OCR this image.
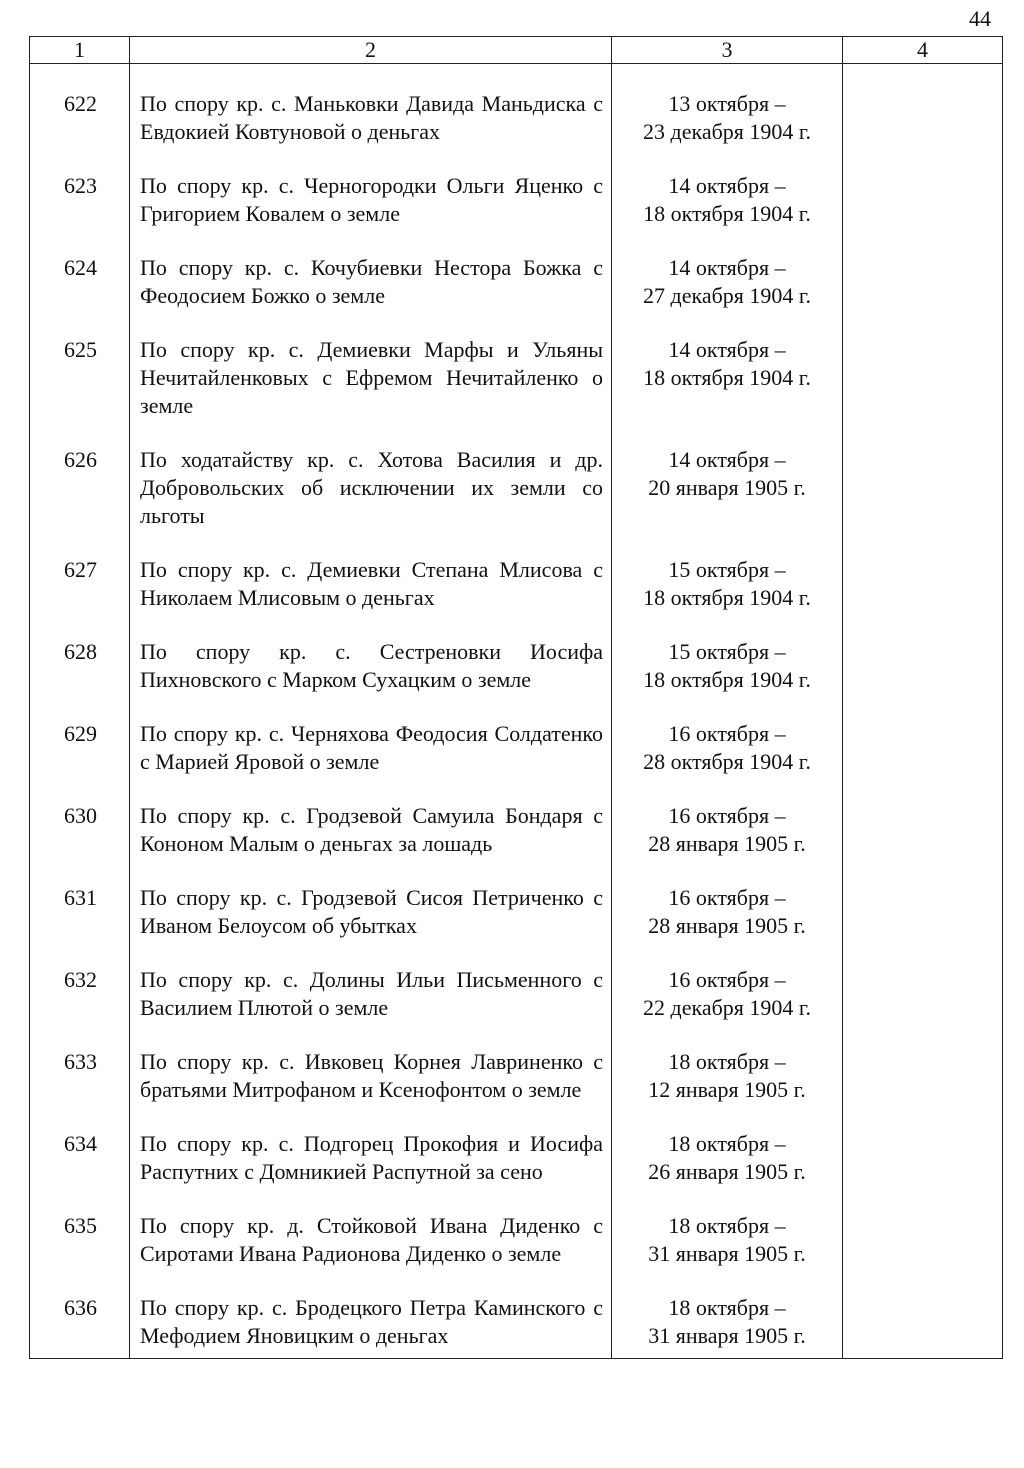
44
1	2	3	4
622	По спору кр. с. Маньковки Давида Маньдиска с Евдокией Ковтуновой о деньгах	13 октября –
23 декабря 1904 г.	

623	По спору кр. с. Черногородки Ольги Яценко с Григорием Ковалем о земле	14 октября –
18 октября 1904 г.	

624	По спору кр. с. Кочубиевки Нестора Божка с Феодосием Божко о земле	14 октября –
27 декабря 1904 г.	

625	По спору кр. с. Демиевки Марфы и Ульяны Нечитайленковых с Ефремом Нечитайленко о земле	14 октября –
18 октября 1904 г.	

626	По ходатайству кр. с. Хотова Василия и др. Добровольских об исключении их земли со льготы	14 октября –
20 января 1905 г.	

627	По спору кр. с. Демиевки Степана Млисова с Николаем Млисовым о деньгах	15 октября –
18 октября 1904 г.	

628	По спору кр. с. Сестреновки Иосифа Пихновского с Марком Сухацким о земле	15 октября –
18 октября 1904 г.	

629	По спору кр. с. Черняхова Феодосия Солдатенко с Марией Яровой о земле	16 октября –
28 октября 1904 г.	

630	По спору кр. с. Гродзевой Самуила Бондаря с Кононом Малым о деньгах за лошадь	16 октября –
28 января 1905 г.	

631	По спору кр. с. Гродзевой Сисоя Петриченко с Иваном Белоусом об убытках	16 октября –
28 января 1905 г.	

632	По спору кр. с. Долины Ильи Письменного с Василием Плютой о земле	16 октября –
22 декабря 1904 г.	

633	По спору кр. с. Ивковец Корнея Лавриненко с братьями Митрофаном и Ксенофонтом о земле	18 октября –
12 января 1905 г.	

634	По спору кр. с. Подгорец Прокофия и Иосифа Распутних с Домникией Распутной за сено	18 октября –
26 января 1905 г.	

635	По спору кр. д. Стойковой Ивана Диденко с Сиротами Ивана Радионова Диденко о земле	18 октября –
31 января 1905 г.	

636	По спору кр. с. Бродецкого Петра Каминского с Мефодием Яновицким о деньгах	18 октября –
31 января 1905 г.	
